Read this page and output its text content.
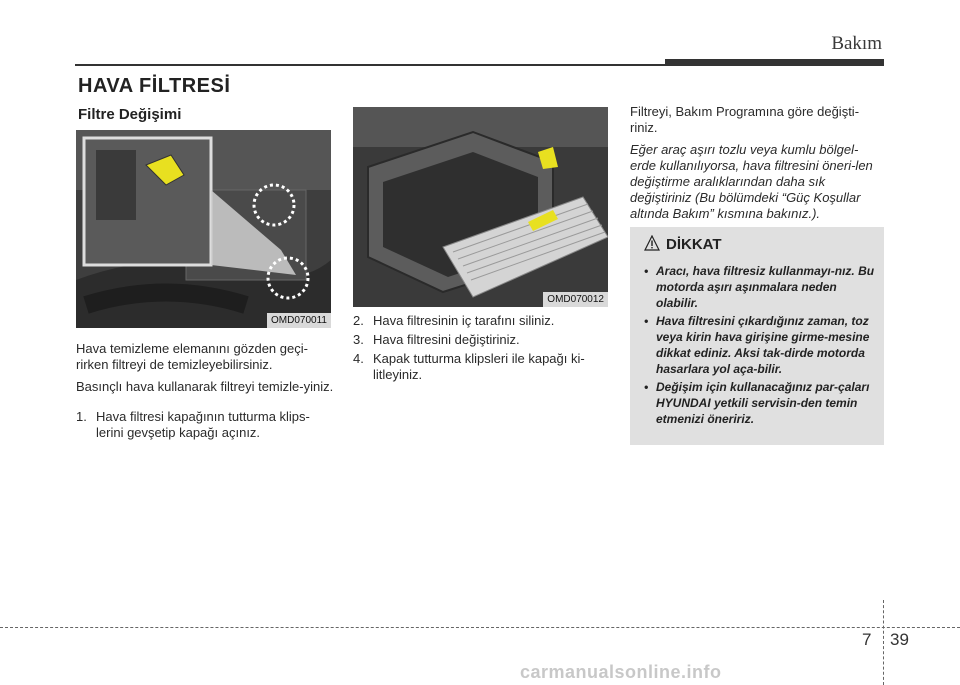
Bakım
HAVA FİLTRESİ
Filtre Değişimi
OMD070011
OMD070012

Hava temizleme elemanını gözden geçi-rirken filtreyi de temizleyebilirsiniz.

Basınçlı hava kullanarak filtreyi temizle-yiniz.

1. Hava filtresi kapağının tutturma klips-lerini gevşetip kapağı açınız.
2. Hava filtresinin iç tarafını siliniz.
3. Hava filtresini değiştiriniz.
4. Kapak tutturma klipsleri ile kapağı ki-litleyiniz.

Filtreyi, Bakım Programına göre değişti-riniz.

Eğer araç aşırı tozlu veya kumlu bölgel-erde kullanılıyorsa, hava filtresini öneri-len değiştirme aralıklarından daha sık değiştiriniz (Bu bölümdeki “Güç Koşullar altında Bakım” kısmına bakınız.).

DİKKAT
• Aracı, hava filtresiz kullanmayı-nız. Bu motorda aşırı aşınmalara neden olabilir.
• Hava filtresini çıkardığınız zaman, toz veya kirin hava girişine girme-mesine dikkat ediniz. Aksi tak-dirde motorda hasarlara yol aça-bilir.
• Değişim için kullanacağınız par-çaları HYUNDAI yetkili servisin-den temin etmenizi öneririz.
7 39
carmanualsonline.info
